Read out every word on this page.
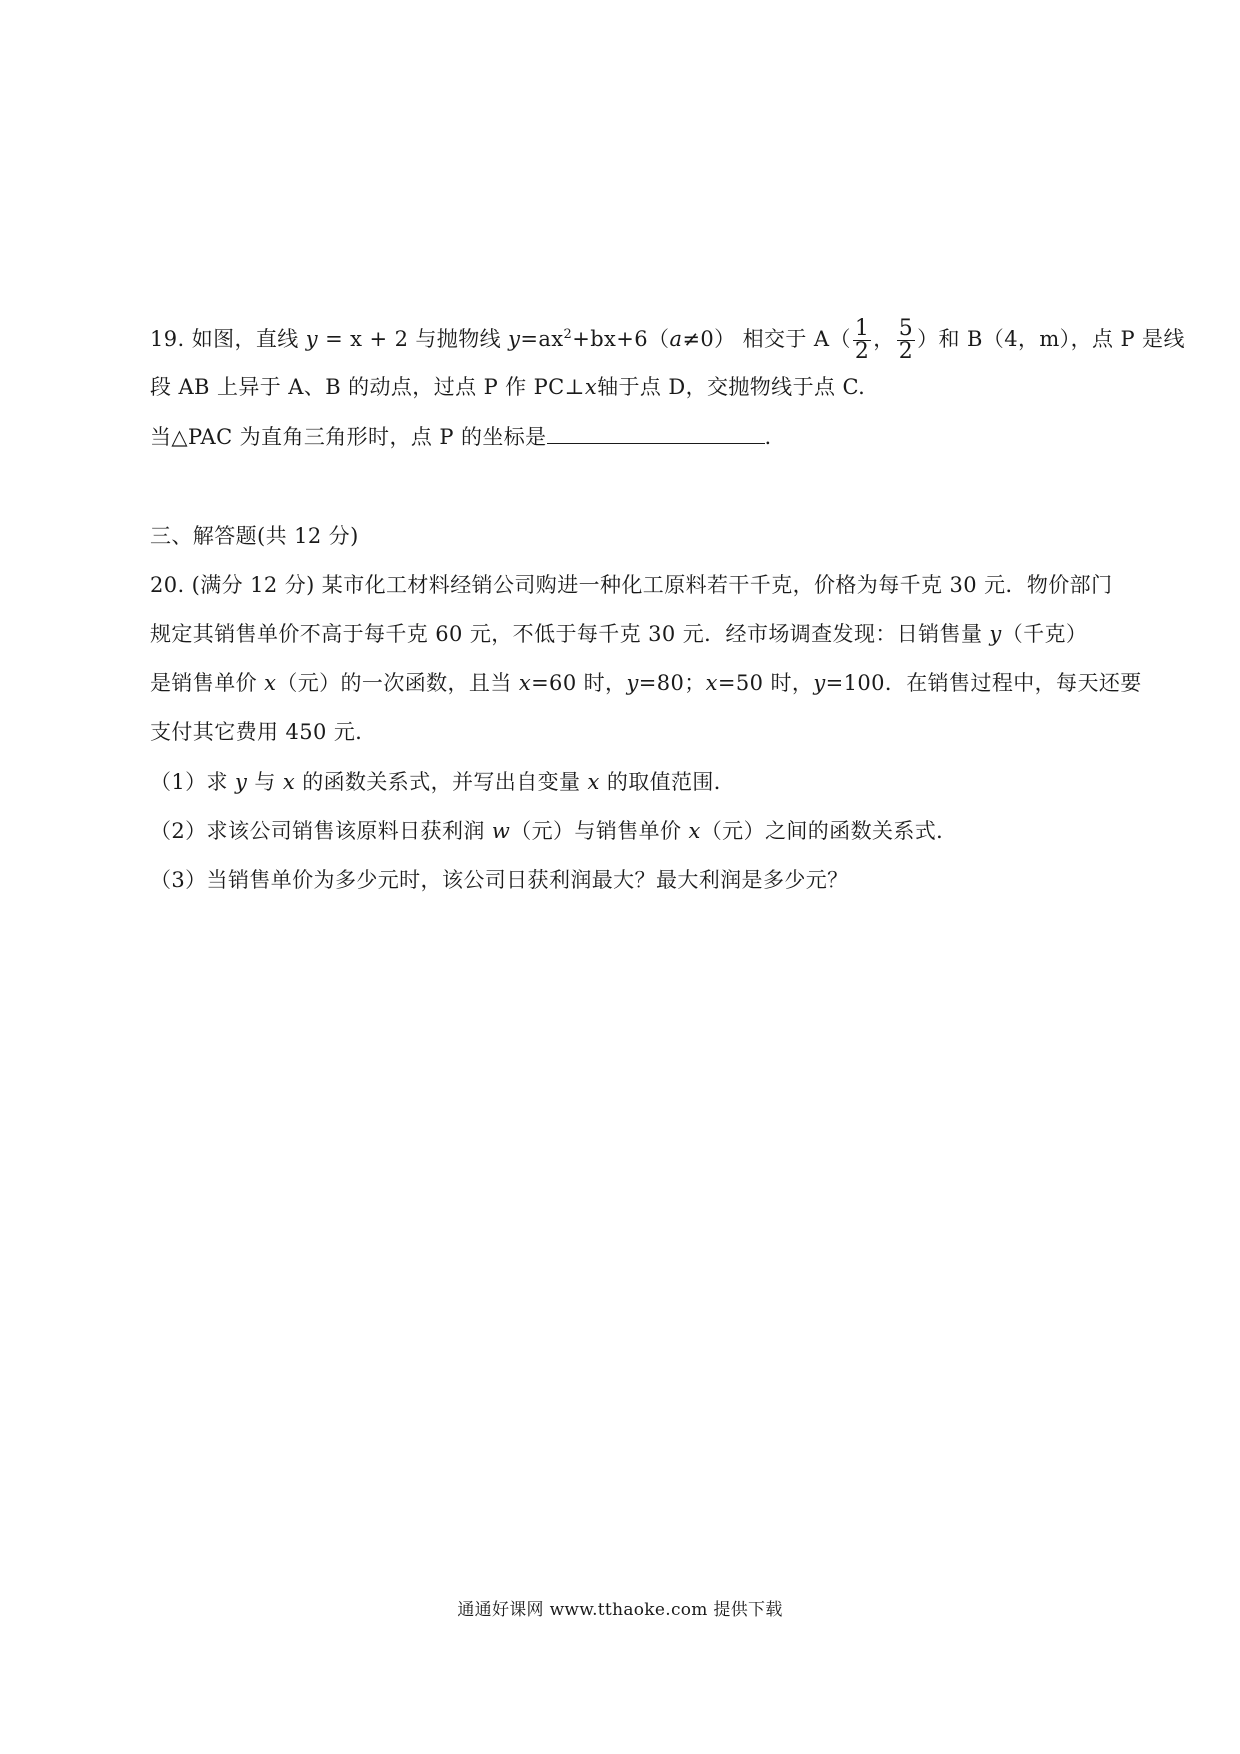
19. 如图，直线 y = x + 2 与抛物线 $y=ax^2+bx+6(a\ne 0)$ 相交于 $A( \frac{1}{2}$ ， $\frac{5}{2}$ ）和 B（4，m），点 P 是线
段 AB 上异于 A、B 的动点，过点 P 作 PC⊥x轴于点 D，交抛物线于点 C.
当△PAC 为直角三角形时，点 P 的坐标是	.
三、解答题(共 12 分)
20. (满分 12 分) 某市化工材料经销公司购进一种化工原料若干千克，价格为每千克 30 元．物价部门
规定其销售单价不高于每千克 60 元，不低于每千克 30 元．经市场调查发现：日销售量 y（千克）
是销售单价 x（元）的一次函数，且当 x=60 时，y=80；x=50 时，y=100．在销售过程中，每天还要
支付其它费用 450 元．
（1）求 y 与 x 的函数关系式，并写出自变量 x 的取值范围．
（2）求该公司销售该原料日获利润 w（元）与销售单价 x（元）之间的函数关系式．
（3）当销售单价为多少元时，该公司日获利润最大？最大利润是多少元？
通通好课网 www.tthaoke.com 提供下载
